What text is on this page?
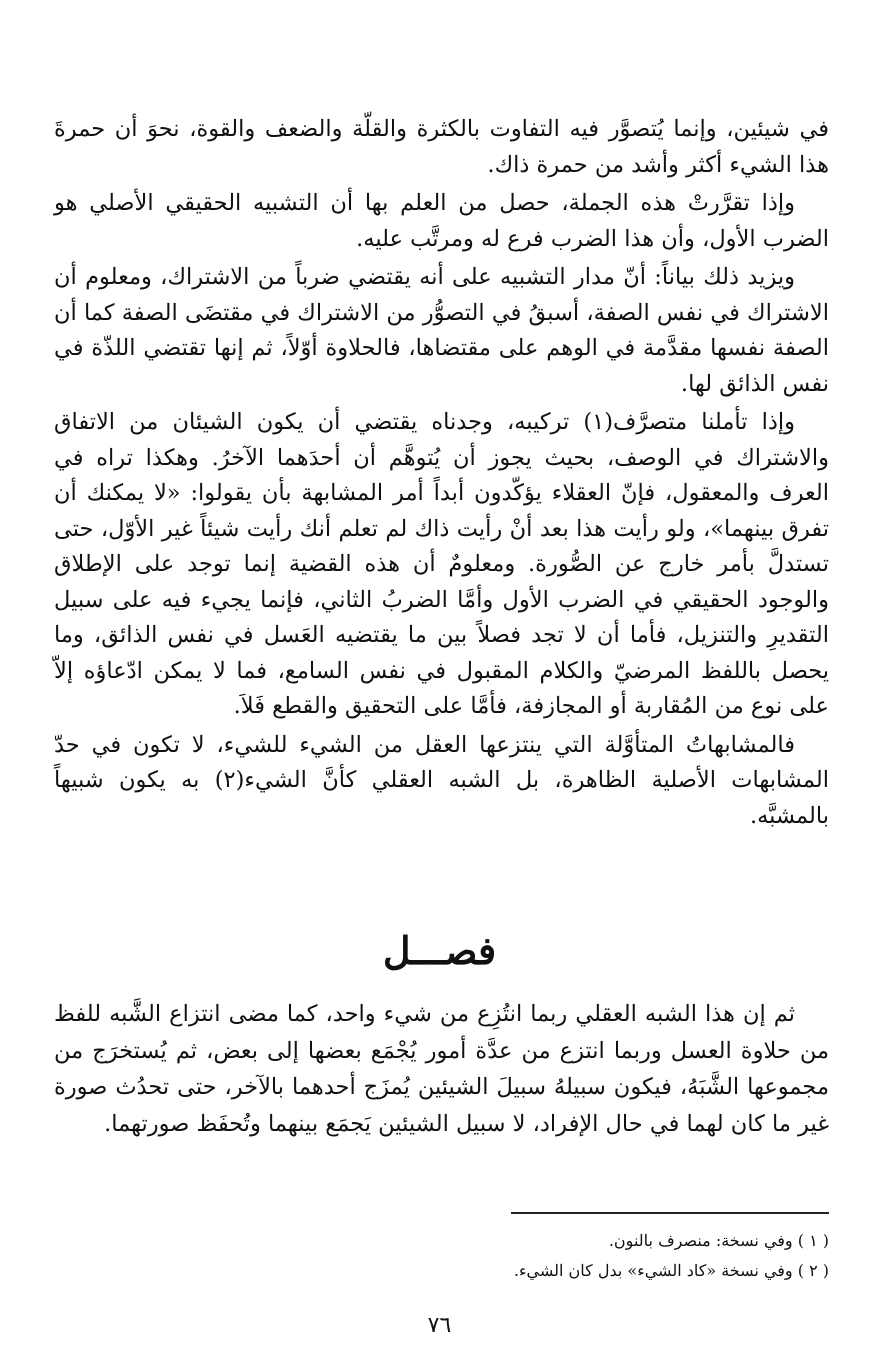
في شيئين، وإنما يُتصوَّر فيه التفاوت بالكثرة والقلّة والضعف والقوة، نحوَ أن حمرةَ هذا الشيء أكثر وأشد من حمرة ذاك.

وإذا تقرَّرتْ هذه الجملة، حصل من العلم بها أن التشبيه الحقيقي الأصلي هو الضرب الأول، وأن هذا الضرب فرع له ومرتَّب عليه.

ويزيد ذلك بياناً: أنّ مدار التشبيه على أنه يقتضي ضرباً من الاشتراك، ومعلوم أن الاشتراك في نفس الصفة، أسبقُ في التصوُّر من الاشتراك في مقتضَى الصفة كما أن الصفة نفسها مقدَّمة في الوهم على مقتضاها، فالحلاوة أوّلاً، ثم إنها تقتضي اللذّة في نفس الذائق لها.

وإذا تأملنا متصرَّف(١) تركيبه، وجدناه يقتضي أن يكون الشيئان من الاتفاق والاشتراك في الوصف، بحيث يجوز أن يُتوهَّم أن أحدَهما الآخرُ. وهكذا تراه في العرف والمعقول، فإنّ العقلاء يؤكّدون أبداً أمر المشابهة بأن يقولوا: «لا يمكنك أن تفرق بينهما»، ولو رأيت هذا بعد أنْ رأيت ذاك لم تعلم أنك رأيت شيئاً غير الأوّل، حتى تستدلَّ بأمر خارج عن الصُّورة. ومعلومٌ أن هذه القضية إنما توجد على الإطلاق والوجود الحقيقي في الضرب الأول وأمَّا الضربُ الثاني، فإنما يجيء فيه على سبيل التقديرِ والتنزيل، فأما أن لا تجد فصلاً بين ما يقتضيه العَسل في نفس الذائق، وما يحصل باللفظ المرضيّ والكلام المقبول في نفس السامع، فما لا يمكن ادّعاؤه إلاّ على نوع من المُقاربة أو المجازفة، فأمَّا على التحقيق والقطع فَلاَ.

فالمشابهاتُ المتأوَّلة التي ينتزعها العقل من الشيء للشيء، لا تكون في حدّ المشابهات الأصلية الظاهرة، بل الشبه العقلي كأنَّ الشيء(٢) به يكون شبيهاً بالمشبَّه.

فصـــل

ثم إن هذا الشبه العقلي ربما انتُزِع من شيء واحد، كما مضى انتزاع الشَّبه للفظ من حلاوة العسل وربما انتزع من عدَّة أمور يُجْمَع بعضها إلى بعض، ثم يُستخرَج من مجموعها الشَّبَهُ، فيكون سبيلهُ سبيلَ الشيئين يُمزَج أحدهما بالآخر، حتى تحدُث صورة غير ما كان لهما في حال الإفراد، لا سبيل الشيئين يَجمَع بينهما وتُحفَظ صورتهما.

( ١ ) وفي نسخة: منصرف بالنون.
( ٢ ) وفي نسخة «كاد الشيء» بدل كان الشيء.
٧٦
